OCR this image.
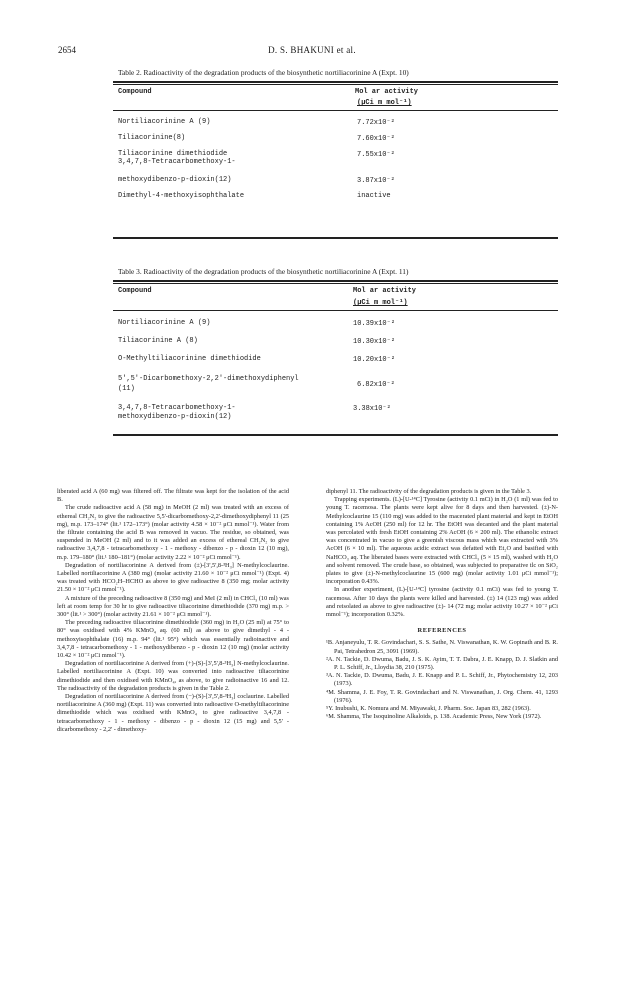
2654	D. S. BHAKUNI et al.
Table 2. Radioactivity of the degradation products of the biosynthetic nortiliacorinine A (Expt. 10)
Compound	Mol ar activity
(μCi m mol⁻¹)
Nortiliacorinine A (9)	7.72x10⁻²
Tiliacorinine(8)	7.60x10⁻²
Tiliacorinine dimethiodide	7.55x10⁻²
3,4,7,8-Tetracarbomethoxy-1-
methoxydibenzo-p-dioxin(12)	3.87x10⁻²
Dimethyl-4-methoxyisophthalate	inactive
Table 3. Radioactivity of the degradation products of the biosynthetic nortiliacorinine A (Expt. 11)
Compound	Mol ar activity
(μCi m mol⁻¹)
Nortiliacorinine A (9)	10.39x10⁻²
Tiliacorinine A (8)	10.30x10⁻²
O-Methyltiliacorinine dimethiodide	10.20x10⁻²
5',5'-Dicarbomethoxy-2,2'-dimethoxydiphenyl
(11)	6.82x10⁻²
3,4,7,8-Tetracarbomethoxy-1-	3.38x10⁻²
methoxydibenzo-p-dioxin(12)

liberated acid A (60 mg) was filtered off. The filtrate was kept for the isolation of the acid B.

The crude radioactive acid A (58 mg) in MeOH (2 ml) was treated with an excess of ethereal CH₂N₂ to give the radioactive 5,5'-dicarbomethoxy-2,2'-dimethoxydiphenyl 11 (25 mg), m.p. 173–174° (lit.¹ 172–173°) (molar activity 4.58 × 10⁻² μCi mmol⁻¹). Water from the filtrate containing the acid B was removed in vacuo. The residue, so obtained, was suspended in MeOH (2 ml) and to it was added an excess of ethereal CH₂N₂ to give radioactive 3,4,7,8 - tetracarbomethoxy - 1 - methoxy - dibenzo - p - dioxin 12 (10 mg), m.p. 179–180° (lit.¹ 180–181°) (molar activity 2.22 × 10⁻² μCi mmol⁻¹).

Degradation of nortiliacorinine A derived from (±)-[3',5',8-³H₃] N-methylcoclaurine. Labelled nortiliacorinine A (380 mg) (molar activity 21.60 × 10⁻² μCi mmol⁻¹) (Expt. 4) was treated with HCO₂H–HCHO as above to give radioactive 8 (350 mg; molar activity 21.50 × 10⁻² μCi mmol⁻¹).

A mixture of the preceding radioactive 8 (350 mg) and MeI (2 ml) in CHCl₃ (10 ml) was left at room temp for 30 hr to give radioactive tiliacorinine dimethiodide (370 mg) m.p. > 300° (lit.¹ > 300°) (molar activity 21.61 × 10⁻² μCi mmol⁻¹).

The preceding radioactive tiliacorinine dimethiodide (360 mg) in H₂O (25 ml) at 75° to 80° was oxidised with 4% KMnO₄ aq. (60 ml) as above to give dimethyl - 4 - methoxyisophthalate (16) m.p. 94° (lit.¹ 95°) which was essentially radioinactive and 3,4,7,8 - tetracarbomethoxy - 1 - methoxydibenzo - p - dioxin 12 (10 mg) (molar activity 10.42 × 10⁻² μCi mmol⁻¹).

Degradation of nortiliacorinine A derived from (+)-(S)-[3',5',8-³H₃] N-methylcoclaurine. Labelled nortiliacorinine A (Expt. 10) was converted into radioactive tiliacorinine dimethiodide and then oxidised with KMnO₄, as above, to give radioinactive 16 and 12. The radioactivity of the degradation products is given in the Table 2.

Degradation of nortiliacorinine A derived from (−)-(S)-[3',5',8-³H₃] coclaurine. Labelled nortiliacorinine A (360 mg) (Expt. 11) was converted into radioactive O-methyltiliacorinine dimethiodide which was oxidised with KMnO₄ to give radioactive 3,4,7,8 - tetracarbomethoxy - 1 - methoxy - dibenzo - p - dioxin 12 (15 mg) and 5,5' - dicarbomethoxy - 2,2' - dimethoxy-

diphenyl 11. The radioactivity of the degradation products is given in the Table 3.

Trapping experiments. (L)-[U-¹⁴C] Tyrosine (activity 0.1 mCi) in H₂O (1 ml) was fed to young T. racemosa. The plants were kept alive for 8 days and then harvested. (±)-N-Methylcoclaurine 15 (110 mg) was added to the macerated plant material and kept in EtOH containing 1% AcOH (250 ml) for 12 hr. The EtOH was decanted and the plant material was percolated with fresh EtOH containing 2% AcOH (6 × 200 ml). The ethanolic extract was concentrated in vacuo to give a greenish viscous mass which was extracted with 3% AcOH (6 × 10 ml). The aqueous acidic extract was defatted with Et₂O and basified with NaHCO₃ aq. The liberated bases were extracted with CHCl₃ (5 × 15 ml), washed with H₂O and solvent removed. The crude base, so obtained, was subjected to preparative tlc on SiO₂ plates to give (±)-N-methylcoclaurine 15 (600 mg) (molar activity 1.01 μCi mmol⁻¹); incorporation 0.43%.

In another experiment, (L)-[U-¹⁴C] tyrosine (activity 0.1 mCi) was fed to young T. racemosa. After 10 days the plants were killed and harvested. (±) 14 (123 mg) was added and reisolated as above to give radioactive (±)- 14 (72 mg; molar activity 10.27 × 10⁻² μCi mmol⁻¹); incorporation 0.32%.

REFERENCES

¹B. Anjaneyulu, T. R. Govindachari, S. S. Sathe, N. Viswanathan, K. W. Gopinath and B. R. Pai, Tetrahedron 25, 3091 (1969).

²A. N. Tackie, D. Dwuma, Badu, J. S. K. Ayim, T. T. Dabra, J. E. Knapp, D. J. Slatkin and P. L. Schiff, Jr., Lloydia 38, 210 (1975).

³A. N. Tackie, D. Dwuma, Badu, J. E. Knapp and P. L. Schiff, Jr., Phytochemistry 12, 203 (1973).

⁴M. Shamma, J. E. Foy, T. R. Govindachari and N. Viswanathan, J. Org. Chem. 41, 1293 (1976).

⁵Y. Inubushi, K. Nomura and M. Miyawaki, J. Pharm. Soc. Japan 83, 282 (1963).

⁶M. Shamma, The Isoquinoline Alkaloids, p. 138. Academic Press, New York (1972).
